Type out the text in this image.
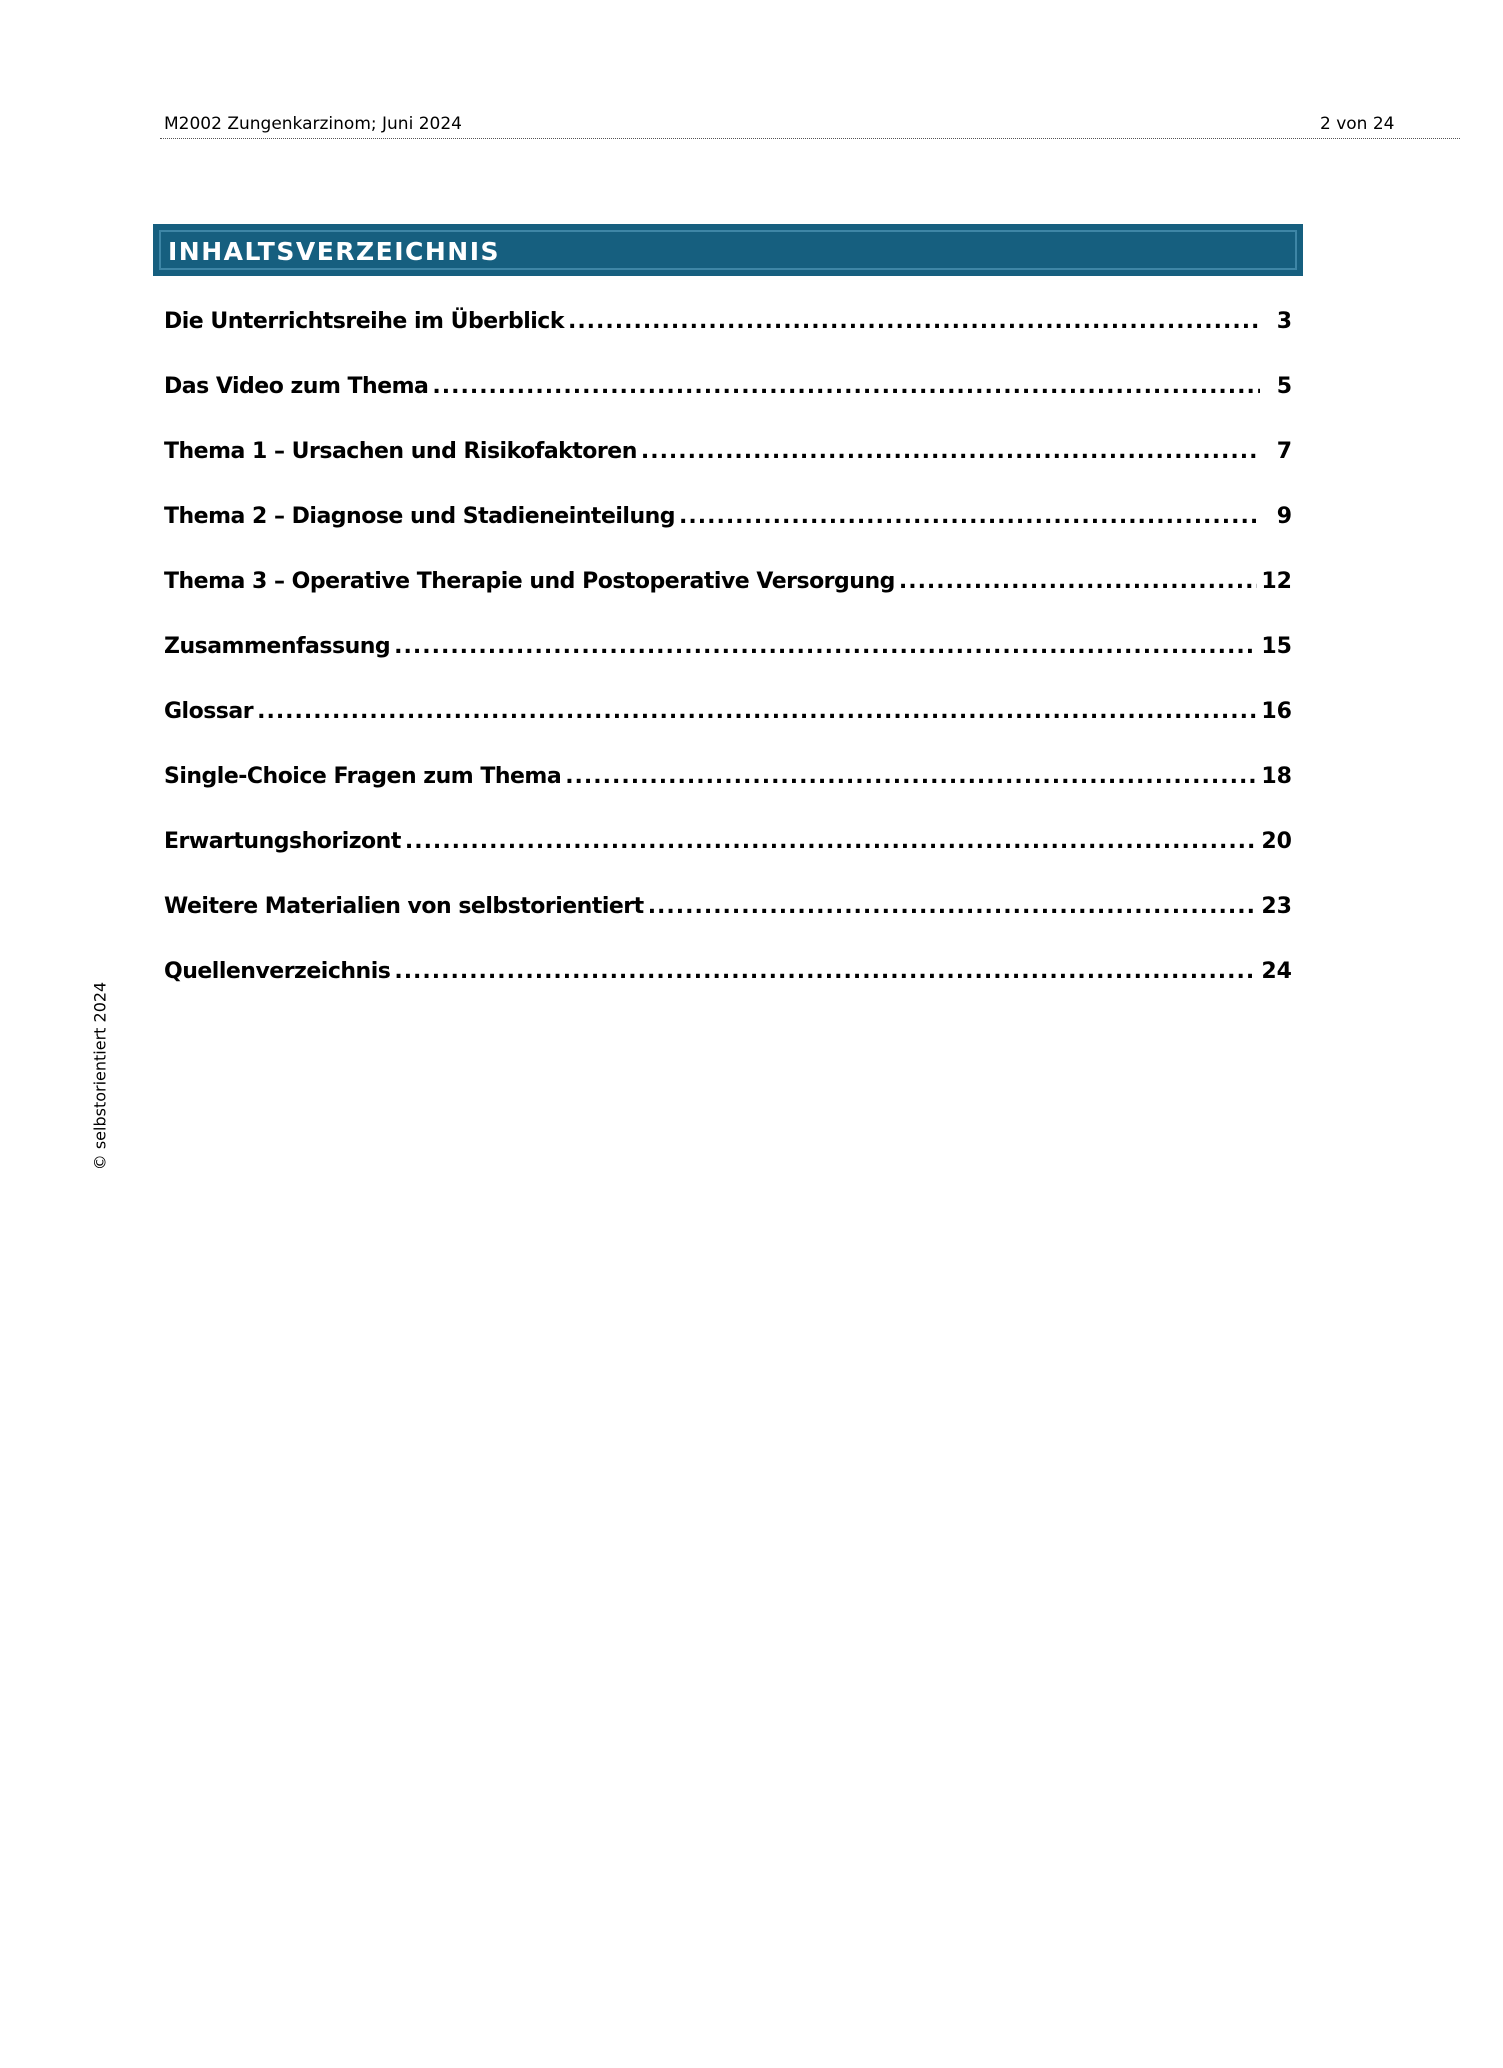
M2002 Zungenkarzinom; Juni 2024	2 von 24
INHALTSVERZEICHNIS
Die Unterrichtsreihe im Überblick .....	3
Das Video zum Thema .....	5
Thema 1 – Ursachen und Risikofaktoren .....	7
Thema 2 – Diagnose und Stadieneinteilung .....	9
Thema 3 – Operative Therapie und Postoperative Versorgung .....	12
Zusammenfassung .....	15
Glossar .....	16
Single-Choice Fragen zum Thema .....	18
Erwartungshorizont .....	20
Weitere Materialien von selbstorientiert .....	23
Quellenverzeichnis .....	24
© selbstorientiert 2024
